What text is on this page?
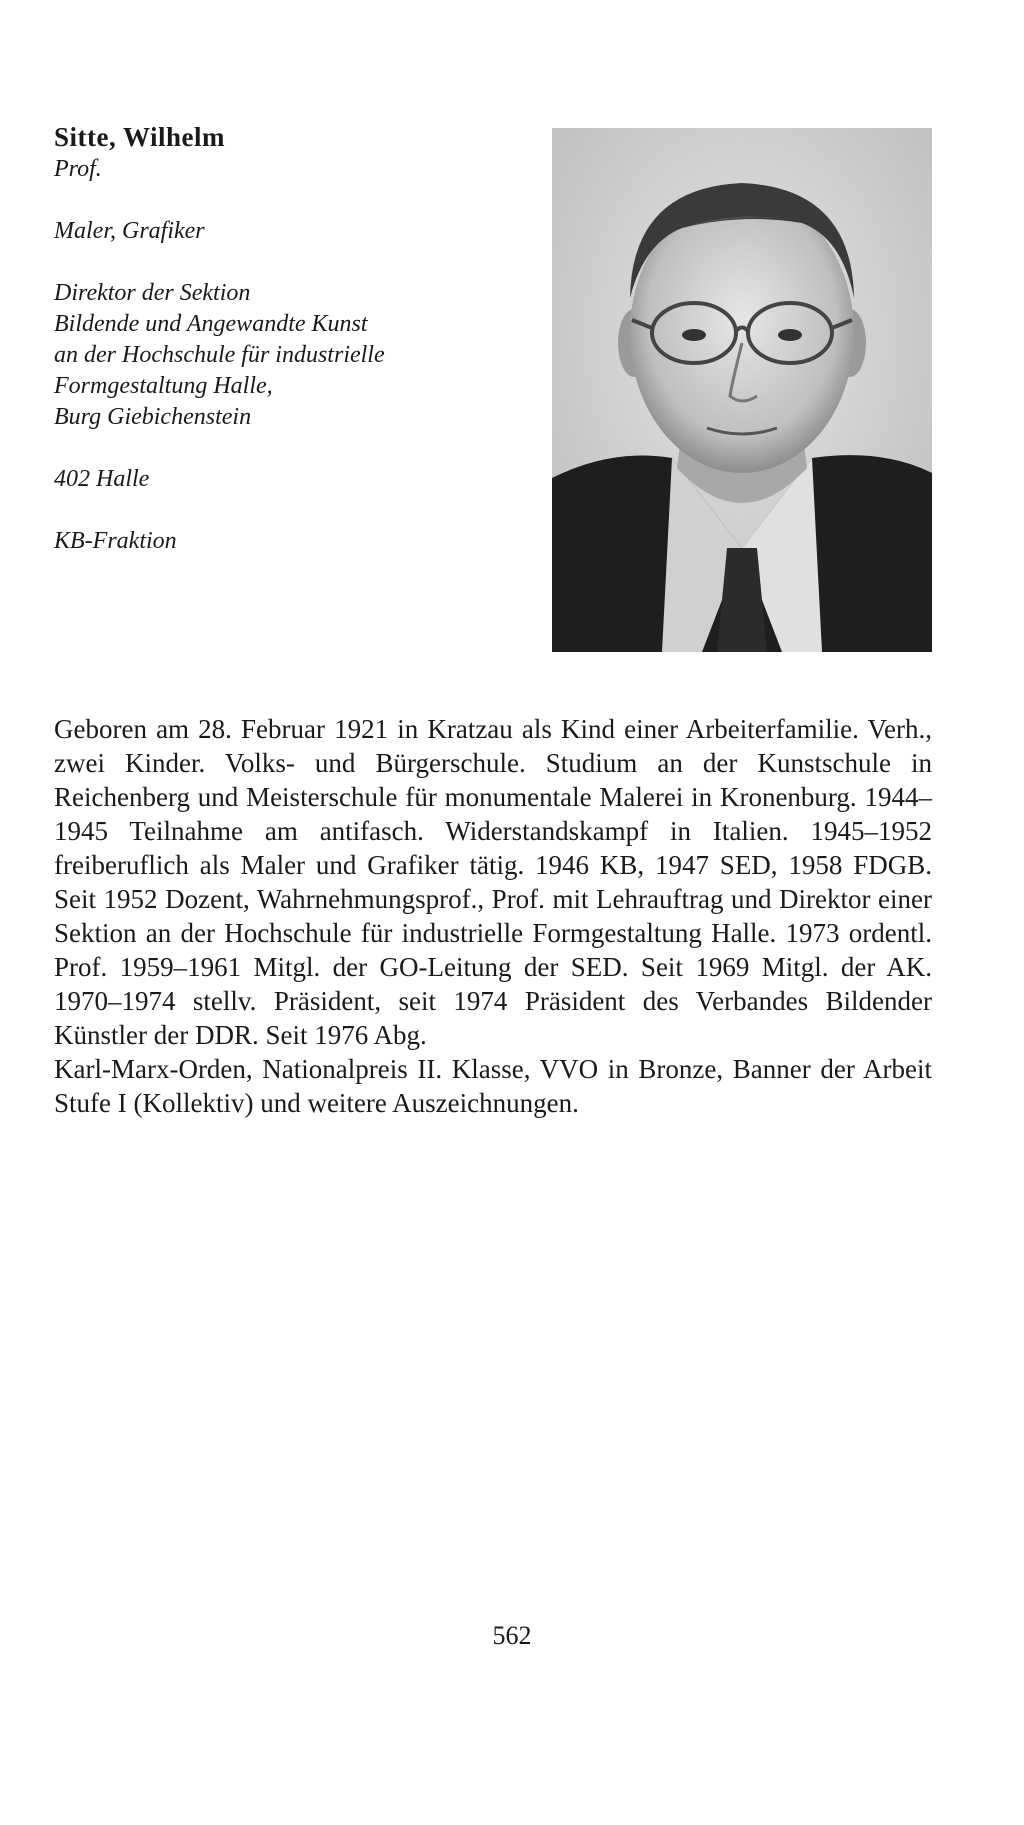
Sitte, Wilhelm

Prof.

Maler, Grafiker

Direktor der Sektion

Bildende und Angewandte Kunst

an der Hochschule für industrielle

Formgestaltung Halle,

Burg Giebichenstein

402 Halle

KB-Fraktion

Geboren am 28. Februar 1921 in Kratzau als Kind einer Arbeiterfamilie. Verh., zwei Kinder. Volks- und Bürgerschule. Studium an der Kunstschule in Reichenberg und Meisterschule für monumentale Malerei in Kronenburg. 1944–1945 Teilnahme am antifasch. Widerstandskampf in Italien. 1945–1952 freiberuflich als Maler und Grafiker tätig. 1946 KB, 1947 SED, 1958 FDGB. Seit 1952 Dozent, Wahrnehmungsprof., Prof. mit Lehrauftrag und Direktor einer Sektion an der Hochschule für industrielle Formgestaltung Halle. 1973 ordentl. Prof. 1959–1961 Mitgl. der GO-Leitung der SED. Seit 1969 Mitgl. der AK. 1970–1974 stellv. Präsident, seit 1974 Präsident des Verbandes Bildender Künstler der DDR. Seit 1976 Abg.

Karl-Marx-Orden, Nationalpreis II. Klasse, VVO in Bronze, Banner der Arbeit Stufe I (Kollektiv) und weitere Auszeichnungen.

562
